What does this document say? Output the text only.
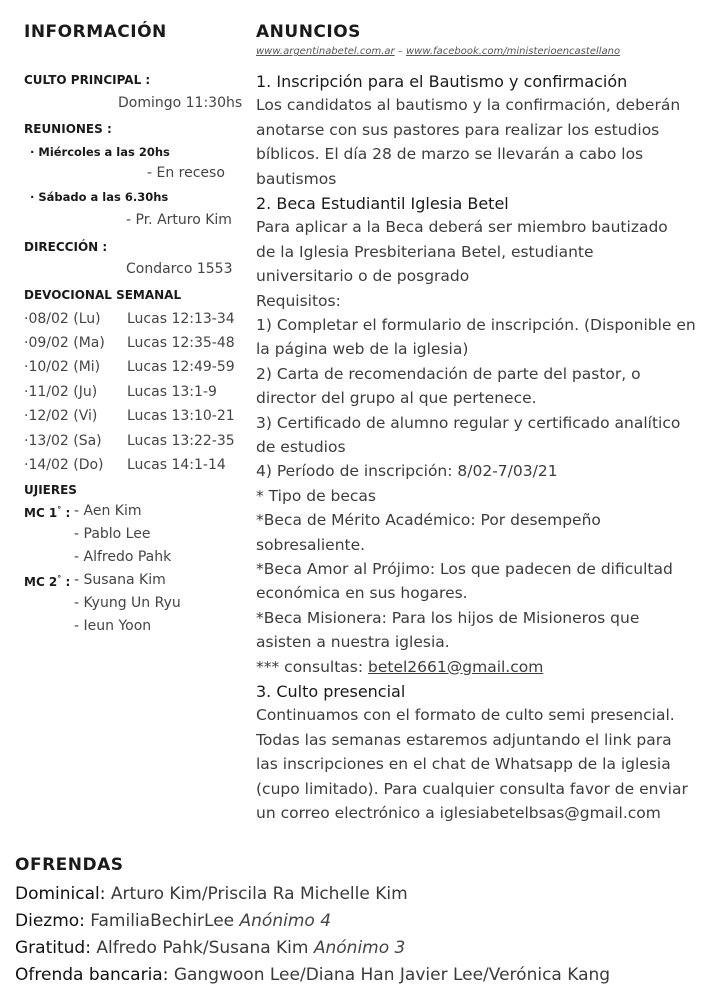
INFORMACIÓN
CULTO PRINCIPAL :
Domingo 11:30hs
REUNIONES :
· Miércoles a las 20hs
- En receso
· Sábado a las 6.30hs
- Pr. Arturo Kim
DIRECCIÓN :
Condarco 1553
DEVOCIONAL SEMANAL
·08/02 (Lu) Lucas 12:13-34
·09/02 (Ma) Lucas 12:35-48
·10/02 (Mi) Lucas 12:49-59
·11/02 (Ju) Lucas 13:1-9
·12/02 (Vi) Lucas 13:10-21
·13/02 (Sa) Lucas 13:22-35
·14/02 (Do) Lucas 14:1-14
UJIERES
MC 1° : - Aen Kim
- Pablo Lee
- Alfredo Pahk
MC 2° : - Susana Kim
- Kyung Un Ryu
- Ieun Yoon
ANUNCIOS
www.argentinabetel.com.ar – www.facebook.com/ministerioencastellano
1. Inscripción para el Bautismo y confirmación
Los candidatos al bautismo y la confirmación, deberán
anotarse con sus pastores para realizar los estudios
bíblicos. El día 28 de marzo se llevarán a cabo los
bautismos
2. Beca Estudiantil Iglesia Betel
Para aplicar a la Beca deberá ser miembro bautizado
de la Iglesia Presbiteriana Betel, estudiante
universitario o de posgrado
Requisitos:
1) Completar el formulario de inscripción. (Disponible en
la página web de la iglesia)
2) Carta de recomendación de parte del pastor, o
director del grupo al que pertenece.
3) Certificado de alumno regular y certificado analítico
de estudios
4) Período de inscripción: 8/02-7/03/21
* Tipo de becas
*Beca de Mérito Académico: Por desempeño
sobresaliente.
*Beca Amor al Prójimo: Los que padecen de dificultad
económica en sus hogares.
*Beca Misionera: Para los hijos de Misioneros que
asisten a nuestra iglesia.
*** consultas: betel2661@gmail.com
3. Culto presencial
Continuamos con el formato de culto semi presencial.
Todas las semanas estaremos adjuntando el link para
las inscripciones en el chat de Whatsapp de la iglesia
(cupo limitado). Para cualquier consulta favor de enviar
un correo electrónico a iglesiabetelbsas@gmail.com
OFRENDAS
Dominical: Arturo Kim/Priscila Ra Michelle Kim
Diezmo: FamiliaBechirLee Anónimo 4
Gratitud: Alfredo Pahk/Susana Kim Anónimo 3
Ofrenda bancaria: Gangwoon Lee/Diana Han Javier Lee/Verónica Kang
